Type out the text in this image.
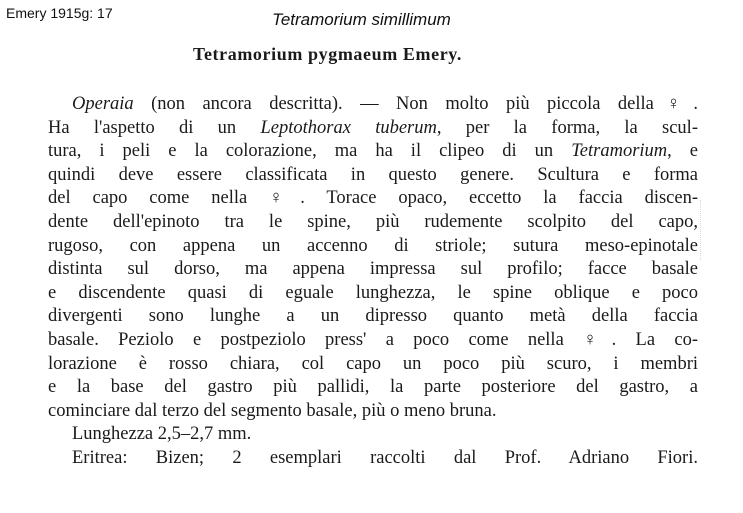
Emery 1915g: 17	Tetramorium simillimum
Tetramorium pygmaeum Emery.
Operaia (non ancora descritta). — Non molto più piccola della♀.
Ha l'aspetto di un Leptothorax tuberum, per la forma, la scul-
tura, i peli e la colorazione, ma ha il clipeo di un Tetramorium, e
quindi deve essere classificata in questo genere. Scultura e forma
del capo come nella ♀. Torace opaco, eccetto la faccia discen-
dente dell'epinoto tra le spine, più rudemente scolpito del capo,
rugoso, con appena un accenno di striole; sutura meso-epinotale
distinta sul dorso, ma appena impressa sul profilo; facce basale
e discendente quasi di eguale lunghezza, le spine oblique e poco
divergenti sono lunghe a un dipresso quanto metà della faccia
basale. Peziolo e postpeziolo press' a poco come nella ♀. La co-
lorazione è rosso chiara, col capo un poco più scuro, i membri
e la base del gastro più pallidi, la parte posteriore del gastro, a
cominciare dal terzo del segmento basale, più o meno bruna.
Lunghezza 2,5–2,7 mm.
Eritrea: Bizen; 2 esemplari raccolti dal Prof. Adriano Fiori.
